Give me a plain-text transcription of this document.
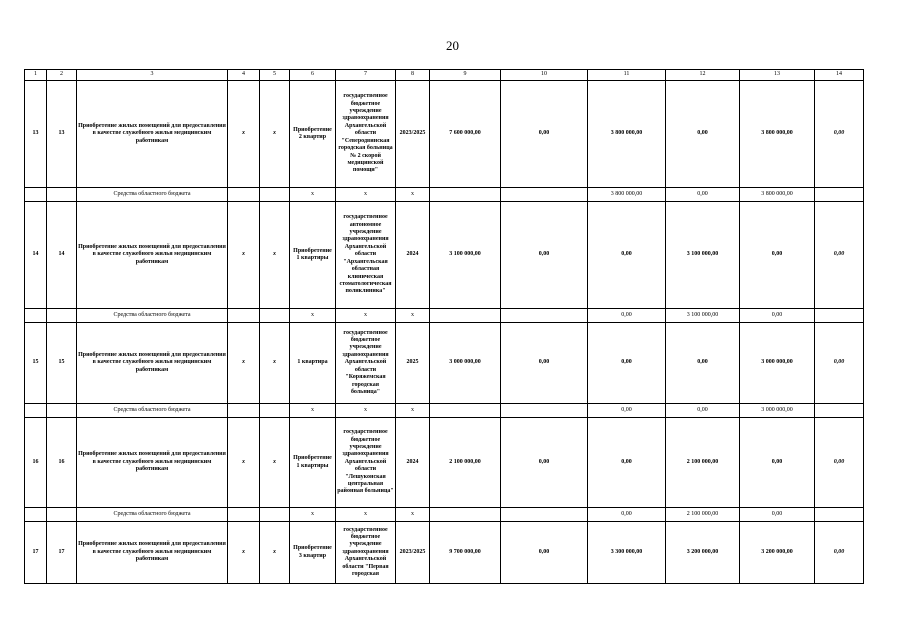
20
1	2	3	4	5	6	7	8	9	10	11	12	13	14
13	13	Приобретение жилых помещений для предоставления в качестве служебного жилья медицинским работникам	x	x	Приобретение 2 квартир	государственное бюджетное учреждение здравоохранения Архангельской области "Северодвинская городская больница № 2 скорой медицинской помощи"	2023/2025	7 600 000,00	0,00	3 800 000,00	0,00	3 800 000,00	0,00
		Средства областного бюджета			x	x	x			3 800 000,00	0,00	3 800 000,00	
14	14	Приобретение жилых помещений для предоставления в качестве служебного жилья медицинским работникам	x	x	Приобретение 1 квартиры	государственное автономное учреждение здравоохранения Архангельской области "Архангельская областная клиническая стоматологическая поликлиника"	2024	3 100 000,00	0,00	0,00	3 100 000,00	0,00	0,00
		Средства областного бюджета			x	x	x			0,00	3 100 000,00	0,00	
15	15	Приобретение жилых помещений для предоставления в качестве служебного жилья медицинским работникам	x	x	1 квартира	государственное бюджетное учреждение здравоохранения Архангельской области "Коряжемская городская больница"	2025	3 000 000,00	0,00	0,00	0,00	3 000 000,00	0,00
		Средства областного бюджета			x	x	x			0,00	0,00	3 000 000,00	
16	16	Приобретение жилых помещений для предоставления в качестве служебного жилья медицинским работникам	x	x	Приобретение 1 квартиры	государственное бюджетное учреждение здравоохранения Архангельской области "Лешуконская центральная районная больница"	2024	2 100 000,00	0,00	0,00	2 100 000,00	0,00	0,00
		Средства областного бюджета			x	x	x			0,00	2 100 000,00	0,00	
17	17	Приобретение жилых помещений для предоставления в качестве служебного жилья медицинским работникам	x	x	Приобретение 3 квартир	государственное бюджетное учреждение здравоохранения Архангельской области "Первая городская	2023/2025	9 700 000,00	0,00	3 300 000,00	3 200 000,00	3 200 000,00	0,00
